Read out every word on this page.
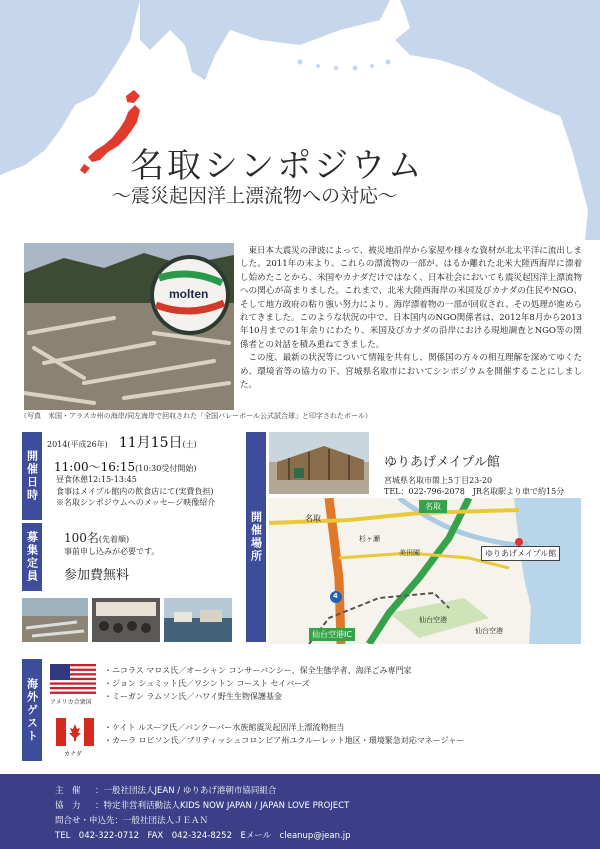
名取シンポジウム
〜震災起因洋上漂流物への対応〜
molten
（写真　米国・アラスカ州の海岸/同左海岸で回収された「全国バレーボール公式試合球」と印字されたボール）

東日本大震災の津波によって、被災地沿岸から家屋や様々な資材が北太平洋に流出しました。2011年の末より、これらの漂流物の一部が、はるか離れた北米大陸西海岸に漂着し始めたことから、米国やカナダだけではなく、日本社会においても震災起因洋上漂流物への関心が高まりました。これまで、北米大陸西海岸の米国及びカナダの住民やNGO、そして地方政府の粘り強い努力により、海岸漂着物の一部が回収され、その処理が進められてきました。このような状況の中で、日本国内のNGO関係者は、2012年8月から2013年10月までの1年余りにわたり、米国及びカナダの沿岸における現地調査とNGO等の関係者との対話を積み重ねてきました。

この度、最新の状況等について情報を共有し、関係国の方々の相互理解を深めてゆくため、環境省等の協力の下、宮城県名取市においてシンポジウムを開催することにしました。

開催日時
2014(平成26年) 11月15日(土)
11:00〜16:15(10:30受付開始)
昼食休憩12:15-13:45
食事はメイプル館内の飲食店にて(実費負担)
※名取シンポジウムへのメッセージ映像紹介
募集定員 100名(先着順)
事前申し込みが必要です。
参加費無料
開催場所
ゆりあげメイプル館
宮城県名取市閖上5丁目23-20
TEL：022-796-2078　JR名取駅より車で約15分
名取
名取
ゆりあげメイプル館
仙台空港IC
仙台空港
仙台空港
4
杉ヶ瀬
美田園
海外ゲスト	アメリカ合衆国
・ニコラス マロス氏／オーシャン コンサーバンシー、保全生態学者、海洋ごみ専門家
・ジョン シュミット氏／ワシントン コースト セイバーズ
・ミーガン ラムソン氏／ハワイ野生生物保護基金
カナダ
・ケイト ルスーフ氏／バンクーバー水族館震災起因洋上漂流物担当
・カーラ ロビソン氏／ブリティッシュコロンビア州ユクルーレット地区・環境緊急対応マネージャー
主　催 ：一般社団法人JEAN / ゆりあげ港朝市協同組合
協　力 ：特定非営利活動法人KIDS NOW JAPAN / JAPAN LOVE PROJECT
問合せ・申込先：一般社団法人ＪＥＡＮ
TEL　042-322-0712　FAX　042-324-8252　Eメール　cleanup@jean.jp
